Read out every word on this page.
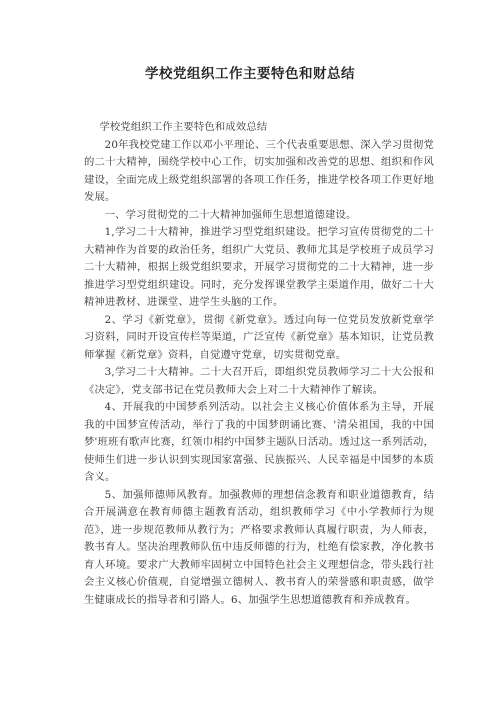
学校党组织工作主要特色和财总结

学校党组织工作主要特色和成效总结

20年我校党建工作以邓小平理论、三个代表重要思想、深入学习贯彻党的二十大精神，围绕学校中心工作，切实加强和改善党的思想、组织和作风建设，全面完成上级党组织部署的各项工作任务，推进学校各项工作更好地发展。

一、学习贯彻党的二十大精神加强师生思想道德建设。

1,学习二十大精神，推进学习型党组织建设。把学习宣传贯彻党的二十大精神作为首要的政治任务，组织广大党员、教师尤其是学校班子成员学习二十大精神，根据上级党组织要求，开展学习贯彻党的二十大精神，进一步推进学习型党组织建设。同时，充分发挥课堂教学主渠道作用，做好二十大精神进教材、进课堂、进学生头脑的工作。

2、学习《新党章》，贯彻《新党章》。透过向每一位党员发放新党章学习资料，同时开设宣传栏等渠道，广泛宣传《新党章》基本知识，让党员教师掌握《新党章》资料，自觉遵守党章，切实贯彻党章。

3,学习二十大精神。二十大召开后，即组织党员教师学习二十大公报和《决定》，党支部书记在党员教师大会上对二十大精神作了解读。

4、开展我的中国梦系列活动。以社会主义核心价值体系为主导，开展我的中国梦宣传活动，举行了我的中国梦朗诵比赛、'清朵祖国，我的中国梦'班班有歌声比赛，红领巾相约中国梦主题队日活动。透过这一系列活动，使师生们进一步认识到实现国家富强、民族振兴、人民幸福是中国梦的本质含义。

5、加强师德师风教育。加强教师的理想信念教育和职业道德教育，结合开展满意在教育师德主题教育活动，组织教师学习《中小学教师行为规范》，进一步规范教师从教行为；严格要求教师认真履行职责，为人师表，教书育人。坚决治理教师队伍中违反师德的行为，杜绝有偿家教，净化教书育人环境。要求广大教师牢固树立中国特色社会主义理想信念，带头践行社会主义核心价值观，自觉增强立德树人、教书育人的荣誉感和职责感，做学生健康成长的指导者和引路人。6、加强学生思想道德教育和养成教育。
